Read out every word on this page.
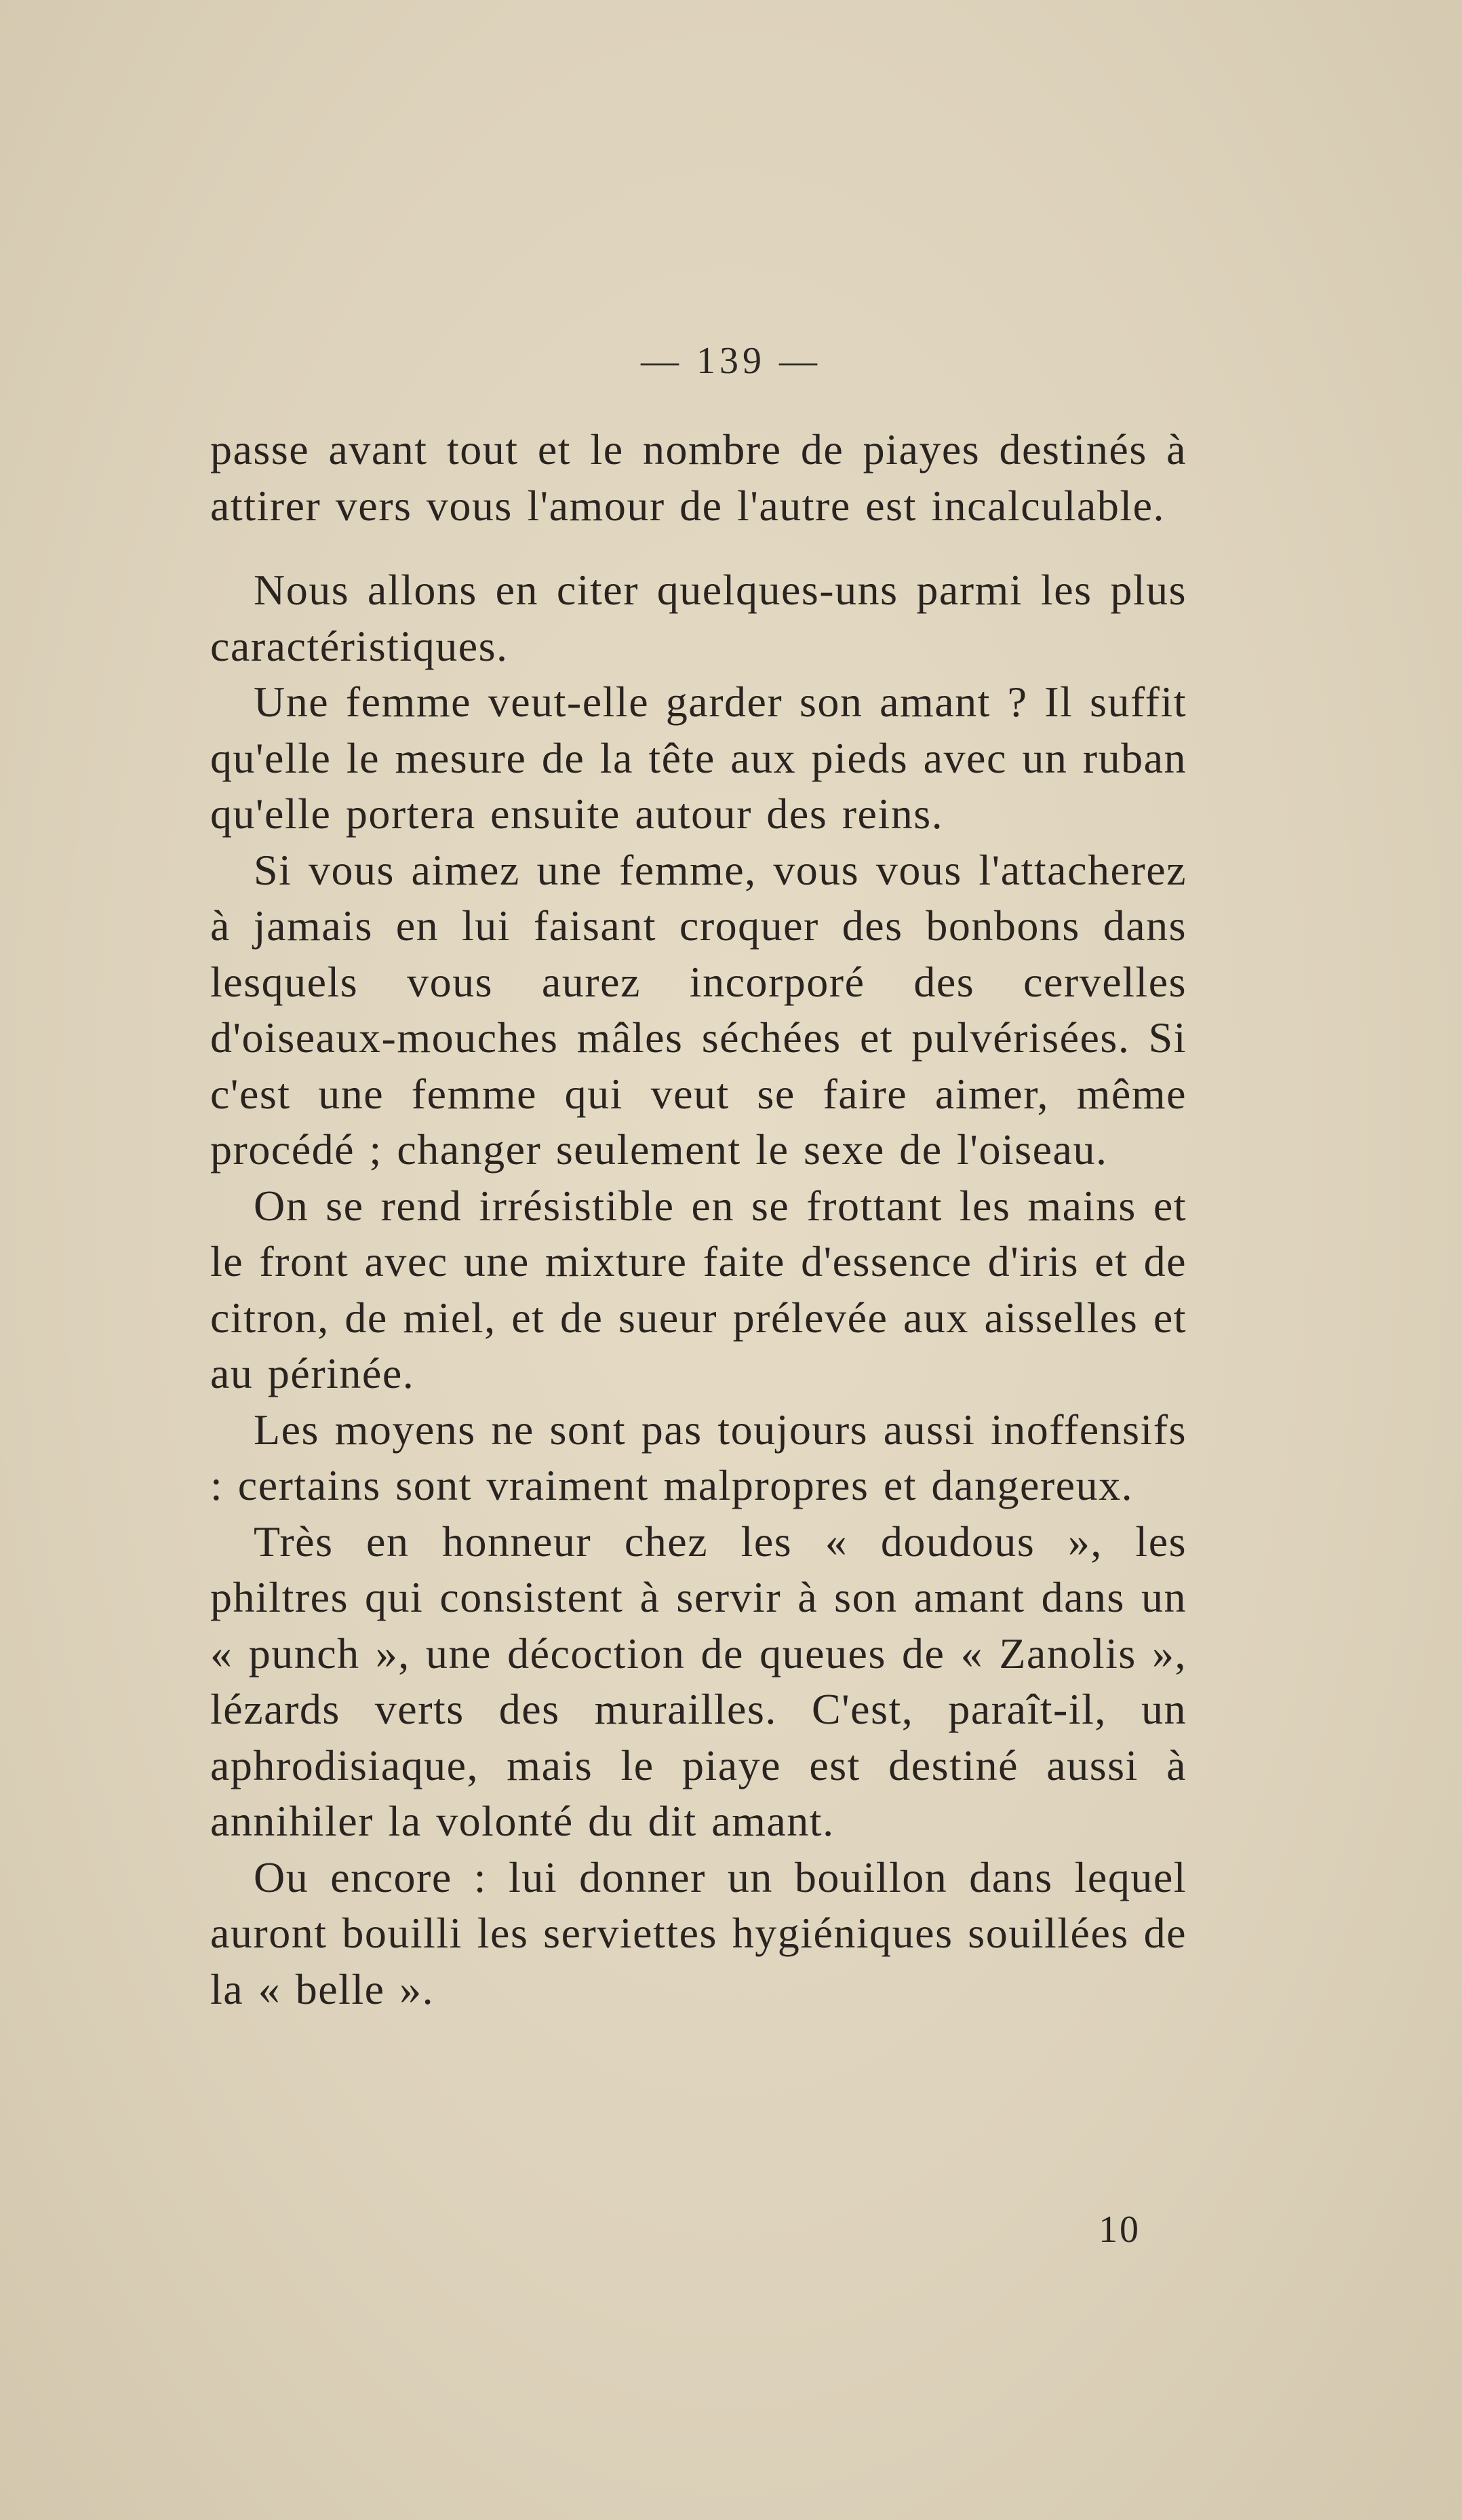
— 139 —

passe avant tout et le nombre de piayes destinés à attirer vers vous l'amour de l'autre est incalculable.

Nous allons en citer quelques-uns parmi les plus caractéristiques.

Une femme veut-elle garder son amant ? Il suffit qu'elle le mesure de la tête aux pieds avec un ruban qu'elle portera ensuite autour des reins.

Si vous aimez une femme, vous vous l'attacherez à jamais en lui faisant croquer des bonbons dans lesquels vous aurez incorporé des cervelles d'oiseaux-mouches mâles séchées et pulvérisées. Si c'est une femme qui veut se faire aimer, même procédé ; changer seulement le sexe de l'oiseau.

On se rend irrésistible en se frottant les mains et le front avec une mixture faite d'essence d'iris et de citron, de miel, et de sueur prélevée aux aisselles et au périnée.

Les moyens ne sont pas toujours aussi inoffensifs : certains sont vraiment malpropres et dangereux.

Très en honneur chez les « doudous », les philtres qui consistent à servir à son amant dans un « punch », une décoction de queues de « Zanolis », lézards verts des murailles. C'est, paraît-il, un aphrodisiaque, mais le piaye est destiné aussi à annihiler la volonté du dit amant.

Ou encore : lui donner un bouillon dans lequel auront bouilli les serviettes hygiéniques souillées de la « belle ».

10
